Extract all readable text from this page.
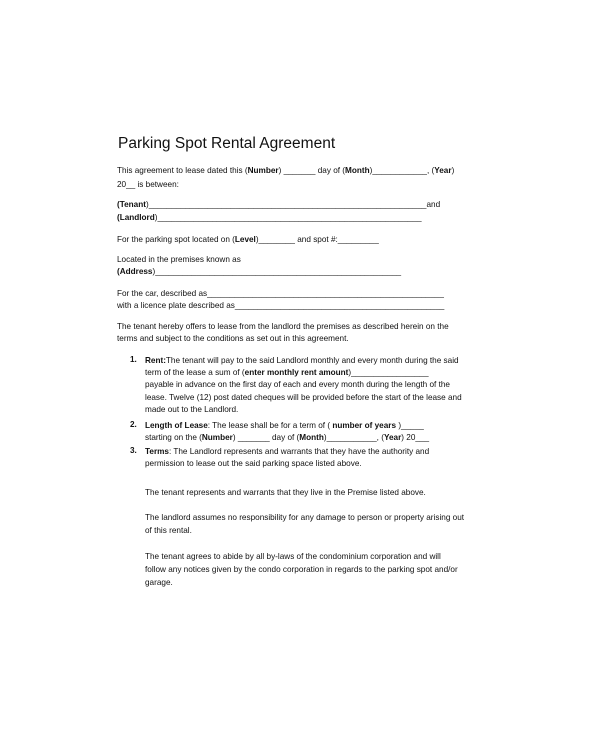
Parking Spot Rental Agreement
This agreement to lease dated this (Number) _______ day of (Month)____________, (Year)
20__ is between:
(Tenant)_____________________________________________________________and
(Landlord)__________________________________________________________
For the parking spot located on (Level)________ and spot #:_________
Located in the premises known as
(Address)______________________________________________________
For the car, described as____________________________________________________
with a licence plate described as______________________________________________
The tenant hereby offers to lease from the landlord the premises as described herein on the
terms and subject to the conditions as set out in this agreement.
1. Rent:The tenant will pay to the said Landlord monthly and every month during the said
term of the lease a sum of (enter monthly rent amount)_________________
payable in advance on the first day of each and every month during the length of the
lease. Twelve (12) post dated cheques will be provided before the start of the lease and
made out to the Landlord.
2. Length of Lease: The lease shall be for a term of ( number of years )_____
starting on the (Number) _______ day of (Month)___________, (Year) 20___
3. Terms: The Landlord represents and warrants that they have the authority and
permission to lease out the said parking space listed above.
The tenant represents and warrants that they live in the Premise listed above.
The landlord assumes no responsibility for any damage to person or property arising out
of this rental.
The tenant agrees to abide by all by-laws of the condominium corporation and will
follow any notices given by the condo corporation in regards to the parking spot and/or
garage.
